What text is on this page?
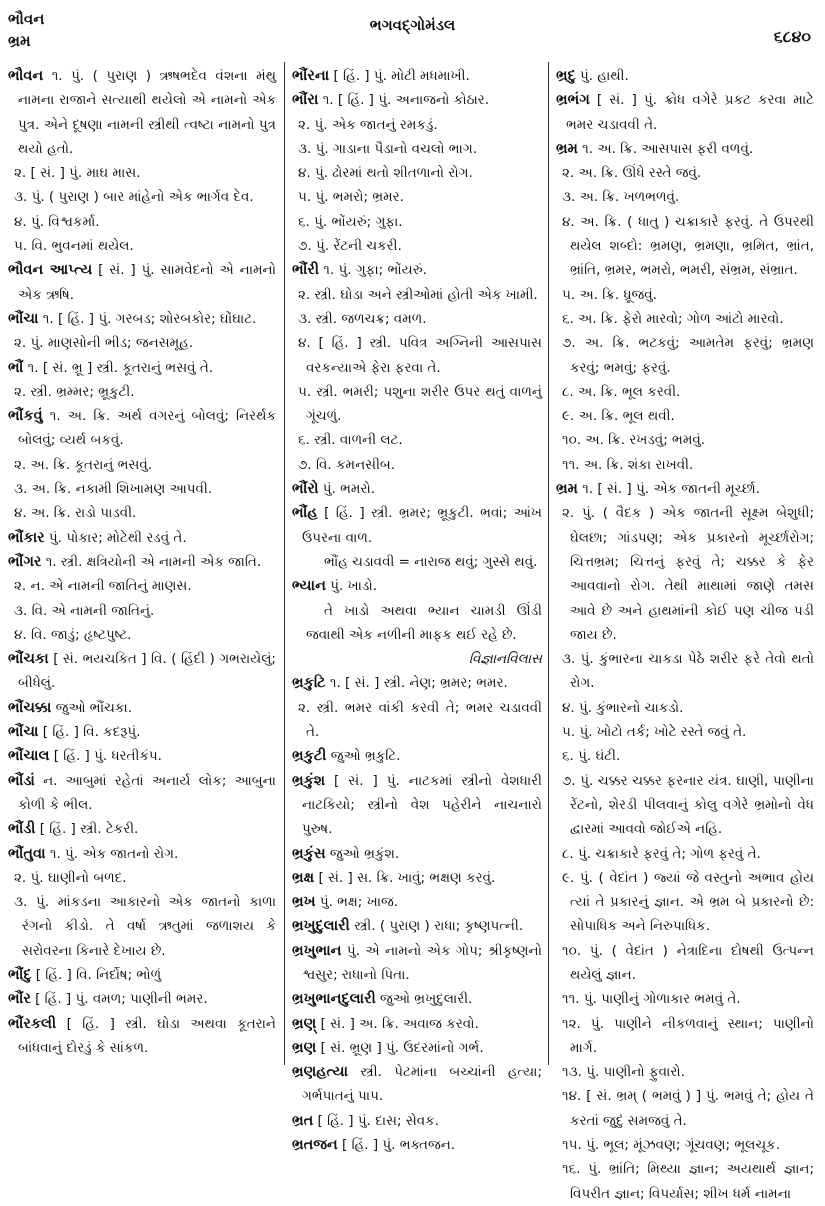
ભૌવન
ભ્રમ
ભગવદ્ગોમંડલ
૬૮૪૦

ભૌવન ૧. પું. ( પુરાણ ) ઋષભદેવ વંશના મંથુ નામના રાજાને સત્યાથી થયેલો એ નામનો એક પુત્ર. એને દૂષણા નામની સ્ત્રીથી ત્વષ્ટા નામનો પુત્ર થયો હતો.

૨. [ સં. ] પું. માઘ માસ.

૩. પું. ( પુરાણ ) બાર માંહેનો એક ભાર્ગવ દેવ.

૪. પું. વિશ્વકર્મા.

૫. વિ. ભુવનમાં થયેલ.

ભૌવન આપ્ત્ય [ સં. ] પું. સામવેદનો એ નામનો એક ઋષિ.

ભૌંચા ૧. [ હિં. ] પું. ગરબડ; શોરબકોર; ઘોંઘાટ.

૨. પું. માણસોની ભીડ; જનસમૂહ.

ભૌં ૧. [ સં. ભ્રૂ ] સ્ત્રી. કૂતરાનું ભસવું તે.

૨. સ્ત્રી. ભ્રમ્મર; ભ્રૂકુટી.

ભૌંકવું ૧. અ. ક્રિ. અર્થ વગરનું બોલવું; નિરર્થક બોલવું; વ્યર્થ બકવું.

૨. અ. ક્રિ. કૂતરાનું ભસવું.

૩. અ. ક્રિ. નકામી શિખામણ આપવી.

૪. અ. ક્રિ. રાડો પાડવી.

ભૌંકાર પું. પોકાર; મોટેથી રડવું તે.

ભૌંગર ૧. સ્ત્રી. ક્ષત્રિયોની એ નામની એક જાતિ.

૨. ન. એ નામની જાતિનું માણસ.

૩. વિ. એ નામની જાતિનું.

૪. વિ. જાડું; હૃષ્ટપુષ્ટ.

ભૌંચકા [ સં. ભયચકિત ] વિ. ( હિંદી ) ગભરાયેલું; બીધેલું.

ભૌંચક્કા જુઓ ભૌંચકા.

ભૌંચા [ હિં. ] વિ. કદરૂપું.

ભૌંચાલ [ હિં. ] પું. ધરતીકંપ.

ભૌંડાં ન. આબુમાં રહેતાં અનાર્ય લોક; આબુના કોળી કે ભીલ.

ભૌંડી [ હિં. ] સ્ત્રી. ટેકરી.

ભૌંતુવા ૧. પું. એક જાતનો રોગ.

૨. પું. ઘાણીનો બળદ.

૩. પું. માંકડના આકારનો એક જાતનો કાળા રંગનો કીડો. તે વર્ષા ઋતુમાં જળાશય કે સરોવરના કિનારે દેખાય છે.

ભૌંદુ [ હિં. ] વિ. નિર્દોષ; ભોળું

ભૌંર [ હિં. ] પું. વમળ; પાણીની ભમર.

ભૌંરકલી [ હિં. ] સ્ત્રી. ઘોડા અથવા કૂતરાને બાંધવાનું દોરડું કે સાંકળ.

ભૌંરના [ હિં. ] પું. મોટી મધમાખી.

ભૌંરા ૧. [ હિં. ] પું. અનાજનો કોઠાર.

૨. પું. એક જાતનું રમકડું.

૩. પું. ગાડાના પૈડાનો વચલો ભાગ.

૪. પું. ઢોરમાં થતો શીતળાનો રોગ.

૫. પું. ભમરો; ભ્રમર.

૬. પું. ભોંયરું; ગુફા.

૭. પું. રેંટની ચકરી.

ભૌંરી ૧. પું. ગુફા; ભોંયરું.

૨. સ્ત્રી. ઘોડા અને સ્ત્રીઓમાં હોતી એક ખામી.

૩. સ્ત્રી. જળચક્ર; વમળ.

૪. [ હિં. ] સ્ત્રી. પવિત્ર અગ્નિની આસપાસ વરકન્યાએ ફેરા ફરવા તે.

૫. સ્ત્રી. ભમરી; પશુના શરીર ઉપર થતું વાળનું ગૂંચળું.

૬. સ્ત્રી. વાળની લટ.

૭. વિ. કમનસીબ.

ભૌંરો પું. ભમરો.

ભૌંહ [ હિં. ] સ્ત્રી. ભ્રમર; ભ્રૂકુટી. ભવાં; આંખ ઉપરના વાળ.

ભૌંહ ચડાવવી = નારાજ થવું; ગુસ્સે થવું.

ભ્યાન પું. ખાડો.

તે ખાડો અથવા ભ્યાન ચામડી ઊંડી જવાથી એક નળીની માફક થઈ રહે છે.

વિજ્ઞાનવિલાસ

ભ્રકુટિ ૧. [ સં. ] સ્ત્રી. નેણ; ભ્રમર; ભમર.

૨. સ્ત્રી. ભમર વાંકી કરવી તે; ભમર ચડાવવી તે.

ભ્રકુટી જુઓ ભ્રકુટિ.

ભ્રકુંશ [ સં. ] પું. નાટકમાં સ્ત્રીનો વેશધારી નાટકિયો; સ્ત્રીનો વેશ પહેરીને નાચનારો પુરુષ.

ભ્રકુંસ જુઓ ભ્રકુંશ.

ભ્રક્ષ [ સં. ] સ. ક્રિ. ખાવું; ભક્ષણ કરવું.

ભ્રખ પું. ભક્ષ; ખાજ.

ભ્રખુદુલારી સ્ત્રી. ( પુરાણ ) રાધા; કૃષ્ણપત્ની.

ભ્રખુભાન પું. એ નામનો એક ગોપ; શ્રીકૃષ્ણનો શ્વસુર; રાધાનો પિતા.

ભ્રખુભાનદુલારી જુઓ ભ્રખુદુલારી.

ભ્રણ્ [ સં. ] અ. ક્રિ. અવાજ કરવો.

ભ્રણ [ સં. ભ્રૂણ ] પું. ઉદરમાંનો ગર્ભ.

ભ્રણહત્યા સ્ત્રી. પેટમાંના બચ્ચાંની હત્યા; ગર્ભપાતનું પાપ.

ભ્રત [ હિં. ] પું. દાસ; સેવક.

ભ્રતજન [ હિં. ] પું. ભક્તજન.

ભ્રદુ પું. હાથી.

ભ્રભંગ [ સં. ] પું. ક્રોધ વગેરે પ્રકટ કરવા માટે ભમર ચડાવવી તે.

ભ્રમ ૧. અ. ક્રિ. આસપાસ ફરી વળવું.

૨. અ. ક્રિ. ઊંધે રસ્તે જવું.

૩. અ. ક્રિ. ખળભળવું.

૪. અ. ક્રિ. ( ધાતુ ) ચક્રાકારે ફરવું. તે ઉપરથી થયેલ શબ્દો: ભ્રમણ, ભ્રમણા, ભ્રમિત, ભ્રાંત, ભ્રાંતિ, ભ્રમર, ભમરો, ભમરી, સંભ્રમ, સંભ્રાત.

૫. અ. ક્રિ. ધ્રૂજવું.

૬. અ. ક્રિ. ફેરો મારવો; ગોળ આંટો મારવો.

૭. અ. ક્રિ. ભટકવું; આમતેમ ફરવું; ભ્રમણ કરવું; ભમવું; ફરવું.

૮. અ. ક્રિ. ભૂલ કરવી.

૯. અ. ક્રિ. ભૂલ થવી.

૧૦. અ. ક્રિ. રખડવું; ભમવું.

૧૧. અ. ક્રિ. શંકા રાખવી.

ભ્રમ ૧. [ સં. ] પું. એક જાતની મૂર્ચ્છા.

૨. પું. ( વૈદક ) એક જાતની સૂક્ષ્મ બેશુધી; ઘેલછા; ગાંડપણ; એક પ્રકારનો મૂર્ચ્છારોગ; ચિત્તભ્રમ; ચિત્તનું ફરવું તે; ચક્કર કે ફેર આવવાનો રોગ. તેથી માથામાં જાણે તમસ આવે છે અને હાથમાંની કોઈ પણ ચીજ પડી જાય છે.

૩. પું. કુંભારના ચાકડા પેઠે શરીર ફરે તેવો થતો રોગ.

૪. પું. કુંભારનો ચાકડો.

૫. પું. ખોટો તર્ક; ખોટે રસ્તે જવું તે.

૬. પું. ઘંટી.

૭. પું. ચક્કર ચક્કર ફરનાર યંત્ર. ઘાણી, પાણીના રેંટનો, શેરડી પીલવાનું કોલુ વગેરે ભ્રમોનો વેધ દ્વારમાં આવવો જોઈએ નહિ.

૮. પું. ચક્રાકારે ફરવું તે; ગોળ ફરવું તે.

૯. પું. ( વેદાંત ) જ્યાં જે વસ્તુનો અભાવ હોય ત્યાં તે પ્રકારનું જ્ઞાન. એ ભ્રમ બે પ્રકારનો છે: સોપાધિક અને નિરુપાધિક.

૧૦. પું. ( વેદાંત ) નેત્રાદિના દોષથી ઉત્પન્ન થયેલું જ્ઞાન.

૧૧. પું. પાણીનું ગોળાકાર ભમવું તે.

૧૨. પું. પાણીને નીકળવાનું સ્થાન; પાણીનો માર્ગ.

૧૩. પું. પાણીનો ફુવારો.

૧૪. [ સં. ભ્રમ્ ( ભમવું ) ] પું. ભમવું તે; હોય તે કરતાં જુદું સમજવું તે.

૧૫. પું. ભૂલ; મૂંઝવણ; ગૂંચવણ; ભૂલચૂક.

૧૬. પું. ભ્રાંતિ; મિથ્યા જ્ઞાન; અયથાર્થ જ્ઞાન; વિપરીત જ્ઞાન; વિપર્યાસ; શીખ ધર્મ નામના
